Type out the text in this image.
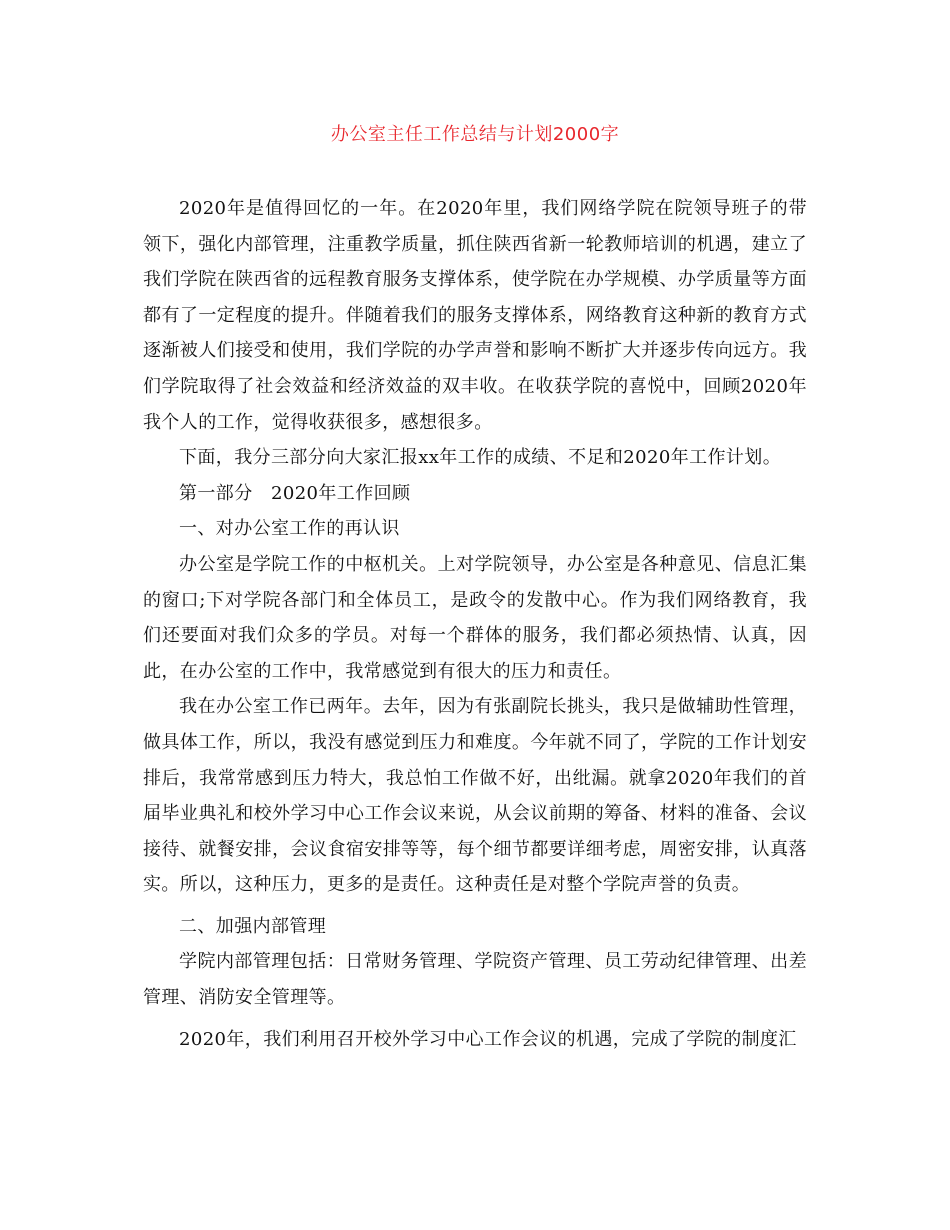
办公室主任工作总结与计划2000字

2020年是值得回忆的一年。在2020年里，我们网络学院在院领导班子的带领下，强化内部管理，注重教学质量，抓住陕西省新一轮教师培训的机遇，建立了我们学院在陕西省的远程教育服务支撑体系，使学院在办学规模、办学质量等方面都有了一定程度的提升。伴随着我们的服务支撑体系，网络教育这种新的教育方式逐渐被人们接受和使用，我们学院的办学声誉和影响不断扩大并逐步传向远方。我们学院取得了社会效益和经济效益的双丰收。在收获学院的喜悦中，回顾2020年我个人的工作，觉得收获很多，感想很多。

下面，我分三部分向大家汇报xx年工作的成绩、不足和2020年工作计划。

第一部分　2020年工作回顾

一、对办公室工作的再认识

办公室是学院工作的中枢机关。上对学院领导，办公室是各种意见、信息汇集的窗口;下对学院各部门和全体员工，是政令的发散中心。作为我们网络教育，我们还要面对我们众多的学员。对每一个群体的服务，我们都必须热情、认真，因此，在办公室的工作中，我常感觉到有很大的压力和责任。

我在办公室工作已两年。去年，因为有张副院长挑头，我只是做辅助性管理，做具体工作，所以，我没有感觉到压力和难度。今年就不同了，学院的工作计划安排后，我常常感到压力特大，我总怕工作做不好，出纰漏。就拿2020年我们的首届毕业典礼和校外学习中心工作会议来说，从会议前期的筹备、材料的准备、会议接待、就餐安排，会议食宿安排等等，每个细节都要详细考虑，周密安排，认真落实。所以，这种压力，更多的是责任。这种责任是对整个学院声誉的负责。

二、加强内部管理

学院内部管理包括：日常财务管理、学院资产管理、员工劳动纪律管理、出差管理、消防安全管理等。

2020年，我们利用召开校外学习中心工作会议的机遇，完成了学院的制度汇
